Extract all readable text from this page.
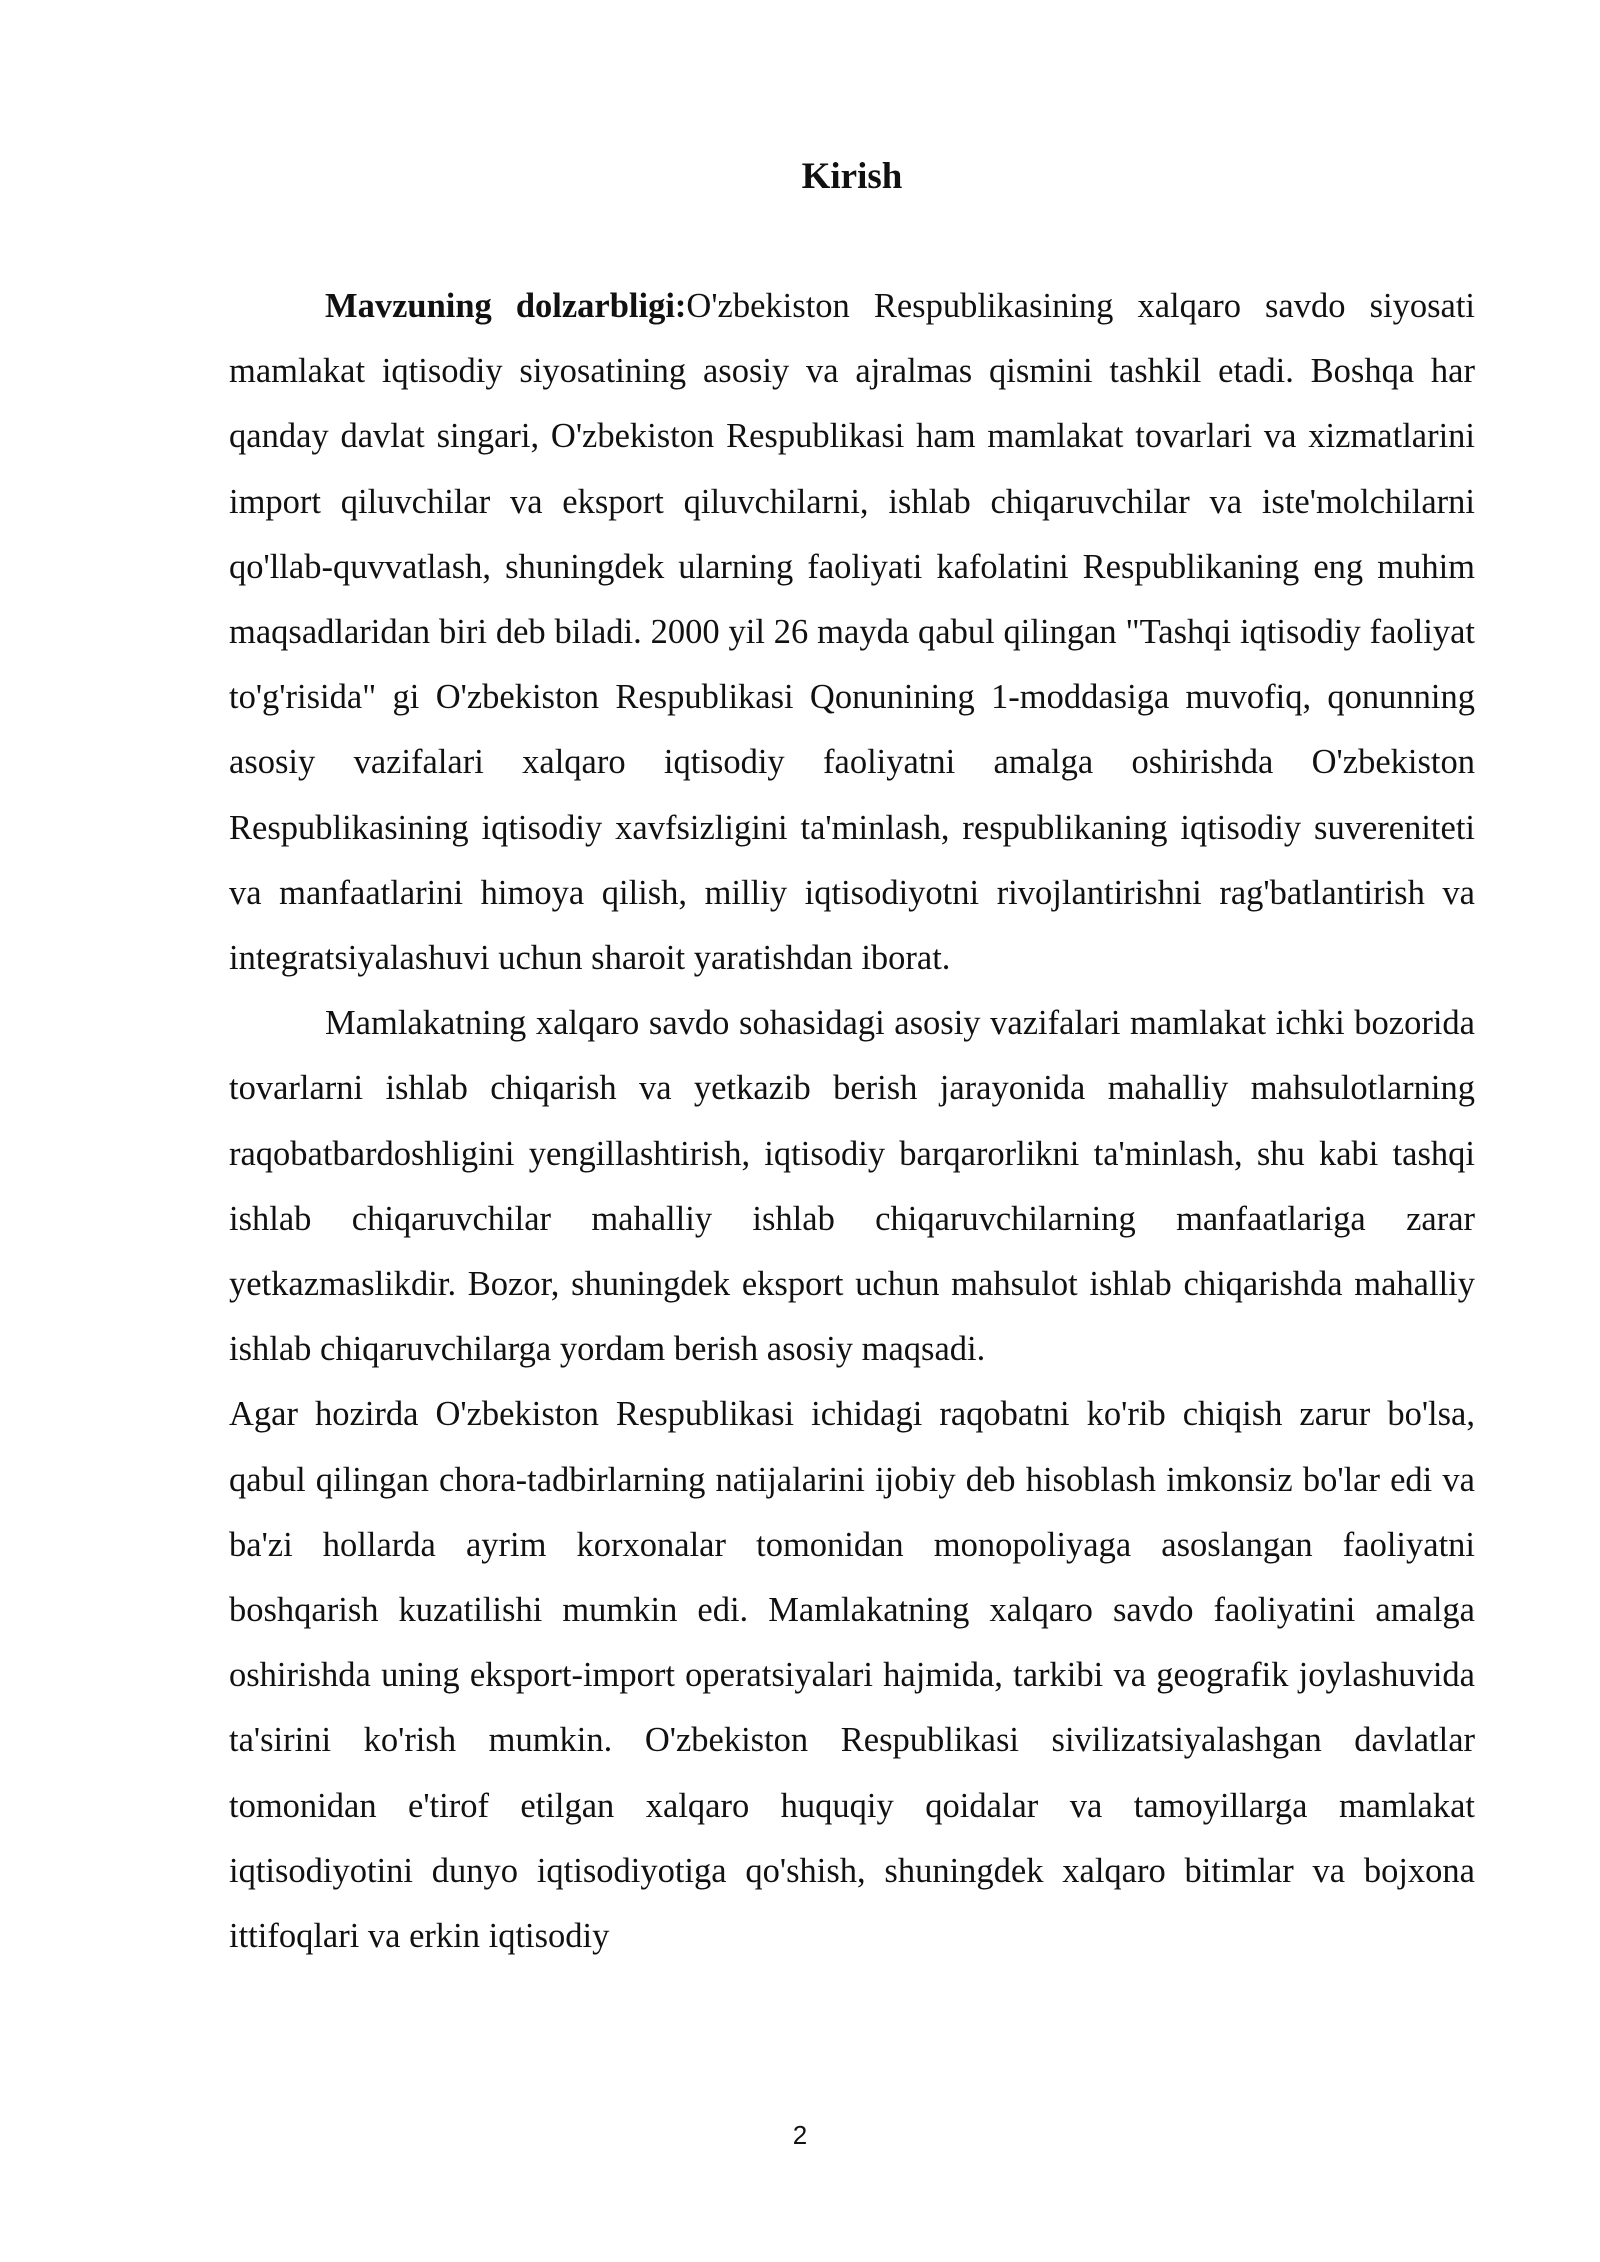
Kirish

Mavzuning dolzarbligi:O'zbekiston Respublikasining xalqaro savdo siyosati mamlakat iqtisodiy siyosatining asosiy va ajralmas qismini tashkil etadi. Boshqa har qanday davlat singari, O'zbekiston Respublikasi ham mamlakat tovarlari va xizmatlarini import qiluvchilar va eksport qiluvchilarni, ishlab chiqaruvchilar va iste'molchilarni qo'llab-quvvatlash, shuningdek ularning faoliyati kafolatini Respublikaning eng muhim maqsadlaridan biri deb biladi. 2000 yil 26 mayda qabul qilingan "Tashqi iqtisodiy faoliyat to'g'risida" gi O'zbekiston Respublikasi Qonunining 1-moddasiga muvofiq, qonunning asosiy vazifalari xalqaro iqtisodiy faoliyatni amalga oshirishda O'zbekiston Respublikasining iqtisodiy xavfsizligini ta'minlash, respublikaning iqtisodiy suvereniteti va manfaatlarini himoya qilish, milliy iqtisodiyotni rivojlantirishni rag'batlantirish va integratsiyalashuvi uchun sharoit yaratishdan iborat.

Mamlakatning xalqaro savdo sohasidagi asosiy vazifalari mamlakat ichki bozorida tovarlarni ishlab chiqarish va yetkazib berish jarayonida mahalliy mahsulotlarning raqobatbardoshligini yengillashtirish, iqtisodiy barqarorlikni ta'minlash, shu kabi tashqi ishlab chiqaruvchilar mahalliy ishlab chiqaruvchilarning manfaatlariga zarar yetkazmaslikdir. Bozor, shuningdek eksport uchun mahsulot ishlab chiqarishda mahalliy ishlab chiqaruvchilarga yordam berish asosiy maqsadi.

Agar hozirda O'zbekiston Respublikasi ichidagi raqobatni ko'rib chiqish zarur bo'lsa, qabul qilingan chora-tadbirlarning natijalarini ijobiy deb hisoblash imkonsiz bo'lar edi va ba'zi hollarda ayrim korxonalar tomonidan monopoliyaga asoslangan faoliyatni boshqarish kuzatilishi mumkin edi. Mamlakatning xalqaro savdo faoliyatini amalga oshirishda uning eksport-import operatsiyalari hajmida, tarkibi va geografik joylashuvida ta'sirini ko'rish mumkin. O'zbekiston Respublikasi sivilizatsiyalashgan davlatlar tomonidan e'tirof etilgan xalqaro huquqiy qoidalar va tamoyillarga mamlakat iqtisodiyotini dunyo iqtisodiyotiga qo'shish, shuningdek xalqaro bitimlar va bojxona ittifoqlari va erkin iqtisodiy

2
